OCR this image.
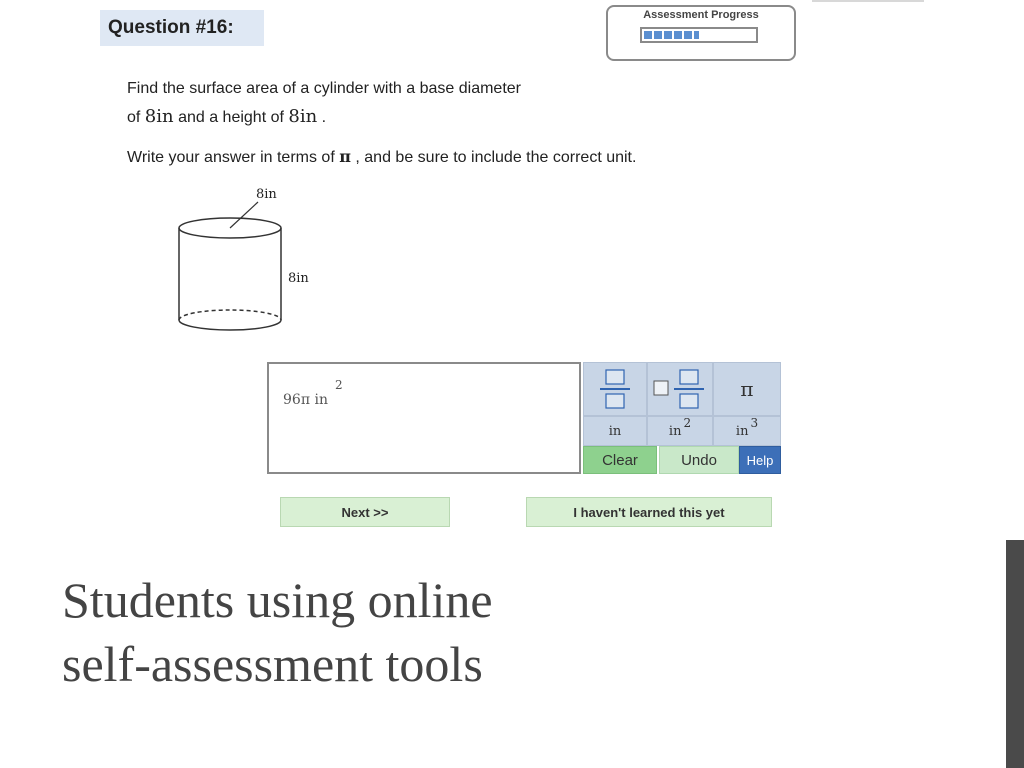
Question #16:
Assessment Progress
Find the surface area of a cylinder with a base diameter
of 8in and a height of 8in .
Write your answer in terms of π , and be sure to include the correct unit.
8in
8in
96π in
2	π
in	in
2
in
3
Clear	Undo	Help
Next >>	I haven't learned this yet
Students using online
self-assessment tools
